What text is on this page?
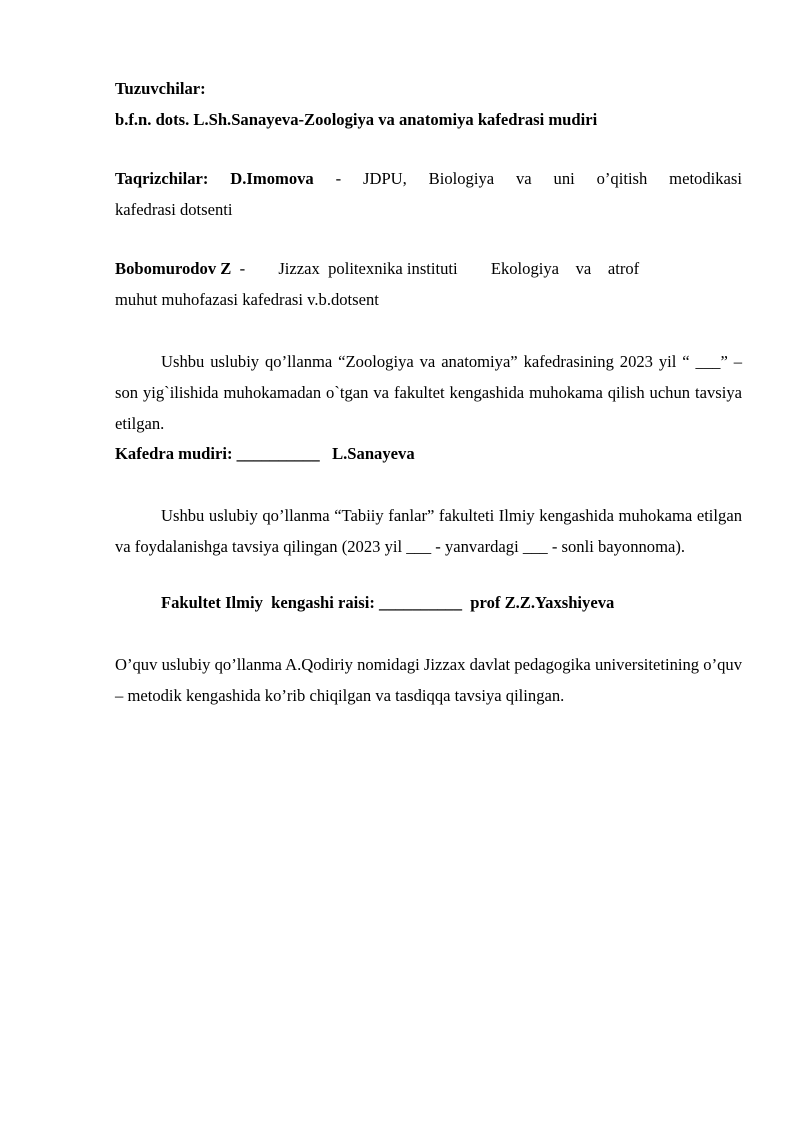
Tuzuvchilar:
b.f.n. dots. L.Sh.Sanayeva-Zoologiya va anatomiya kafedrasi mudiri
Taqrizchilar: D.Imomova - JDPU, Biologiya va uni o’qitish metodikasi
kafedrasi dotsenti
Bobomurodov Z
-        Jizzax  politexnika instituti        Ekologiya    va    atrof
muhut muhofazasi kafedrasi v.b.dotsent
Ushbu uslubiy qo’llanma “Zoologiya va anatomiya” kafedrasining 2023 yil “ ___” – son yig`ilishida muhokamadan o`tgan va fakultet kengashida muhokama qilish uchun tavsiya etilgan.
Kafedra mudiri: __________   L.Sanayeva
Ushbu uslubiy qo’llanma “Tabiiy fanlar” fakulteti Ilmiy kengashida muhokama etilgan va foydalanishga tavsiya qilingan (2023 yil ___ - yanvardagi ___ - sonli bayonnoma).
Fakultet Ilmiy  kengashi raisi: __________  prof Z.Z.Yaxshiyeva
O’quv uslubiy qo’llanma A.Qodiriy nomidagi Jizzax davlat pedagogika universitetining o’quv – metodik kengashida ko’rib chiqilgan va tasdiqqa tavsiya qilingan.
